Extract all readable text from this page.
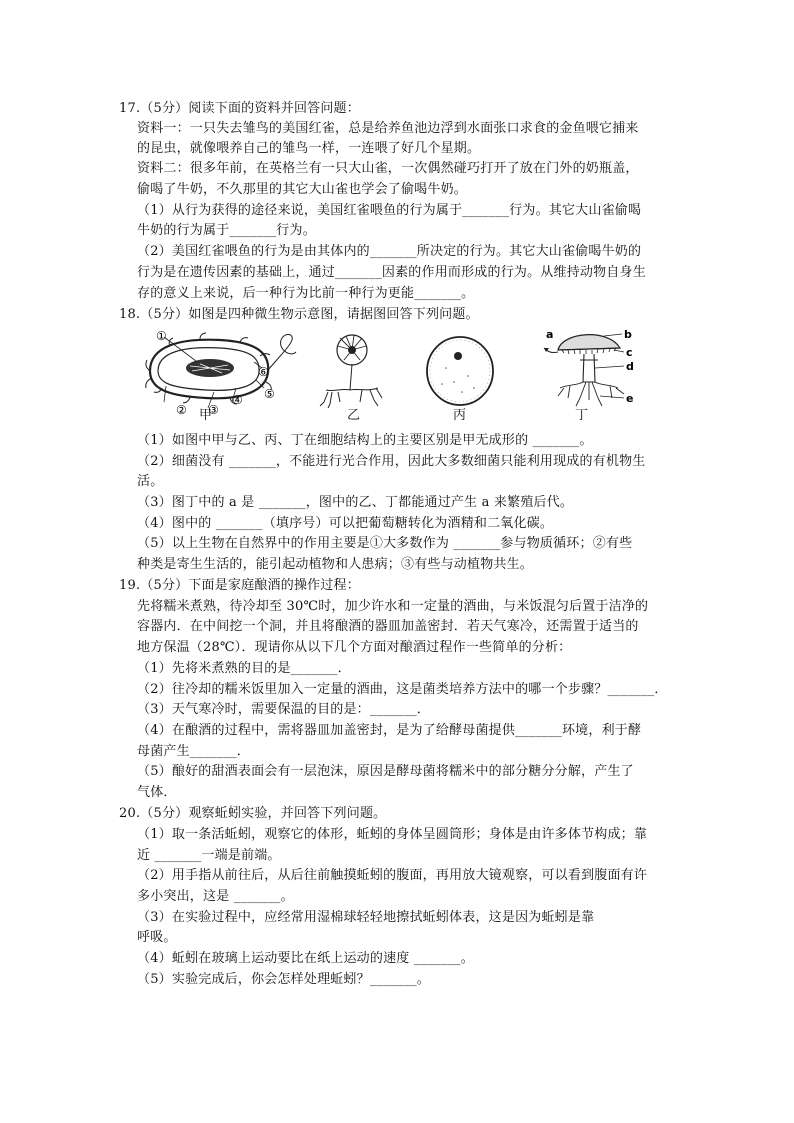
17.（5分）阅读下面的资料并回答问题：
资料一：一只失去雏鸟的美国红雀，总是给养鱼池边浮到水面张口求食的金鱼喂它捕来
的昆虫，就像喂养自己的雏鸟一样，一连喂了好几个星期。
资料二：很多年前，在英格兰有一只大山雀，一次偶然碰巧打开了放在门外的奶瓶盖，
偷喝了牛奶，不久那里的其它大山雀也学会了偷喝牛奶。
（1）从行为获得的途径来说，美国红雀喂鱼的行为属于_______行为。其它大山雀偷喝
牛奶的行为属于_______行为。
（2）美国红雀喂鱼的行为是由其体内的_______所决定的行为。其它大山雀偷喝牛奶的
行为是在遗传因素的基础上，通过_______因素的作用而形成的行为。从维持动物自身生
存的意义上来说，后一种行为比前一种行为更能_______。
18.（5分）如图是四种微生物示意图，请据图回答下列问题。
①
② ③
④ ⑤
⑥
甲	乙	丙
a	b
c
d
e
丁
（1）如图中甲与乙、丙、丁在细胞结构上的主要区别是甲无成形的 _______。
（2）细菌没有 _______，不能进行光合作用，因此大多数细菌只能利用现成的有机物生
活。
（3）图丁中的 a 是 _______，图中的乙、丁都能通过产生 a 来繁殖后代。
（4）图中的 _______（填序号）可以把葡萄糖转化为酒精和二氧化碳。
（5）以上生物在自然界中的作用主要是①大多数作为 _______参与物质循环；②有些
种类是寄生生活的，能引起动植物和人患病；③有些与动植物共生。
19.（5分）下面是家庭酿酒的操作过程：
先将糯米煮熟，待冷却至 30℃时，加少许水和一定量的酒曲，与米饭混匀后置于洁净的
容器内．在中间挖一个洞，并且将酿酒的器皿加盖密封．若天气寒冷，还需置于适当的
地方保温（28℃）．现请你从以下几个方面对酿酒过程作一些简单的分析：
（1）先将米煮熟的目的是_______．
（2）往冷却的糯米饭里加入一定量的酒曲，这是菌类培养方法中的哪一个步骤？_______．
（3）天气寒冷时，需要保温的目的是：_______．
（4）在酿酒的过程中，需将器皿加盖密封，是为了给酵母菌提供_______环境，利于酵
母菌产生_______．
（5）酿好的甜酒表面会有一层泡沫，原因是酵母菌将糯米中的部分糖分分解，产生了
气体．
20.（5分）观察蚯蚓实验，并回答下列问题。
（1）取一条活蚯蚓，观察它的体形，蚯蚓的身体呈圆筒形；身体是由许多体节构成；靠
近 _______一端是前端。
（2）用手指从前往后，从后往前触摸蚯蚓的腹面，再用放大镜观察，可以看到腹面有许
多小突出，这是 _______。
（3）在实验过程中，应经常用湿棉球轻轻地擦拭蚯蚓体表，这是因为蚯蚓是靠
呼吸。
（4）蚯蚓在玻璃上运动要比在纸上运动的速度 _______。
（5）实验完成后，你会怎样处理蚯蚓？_______。
